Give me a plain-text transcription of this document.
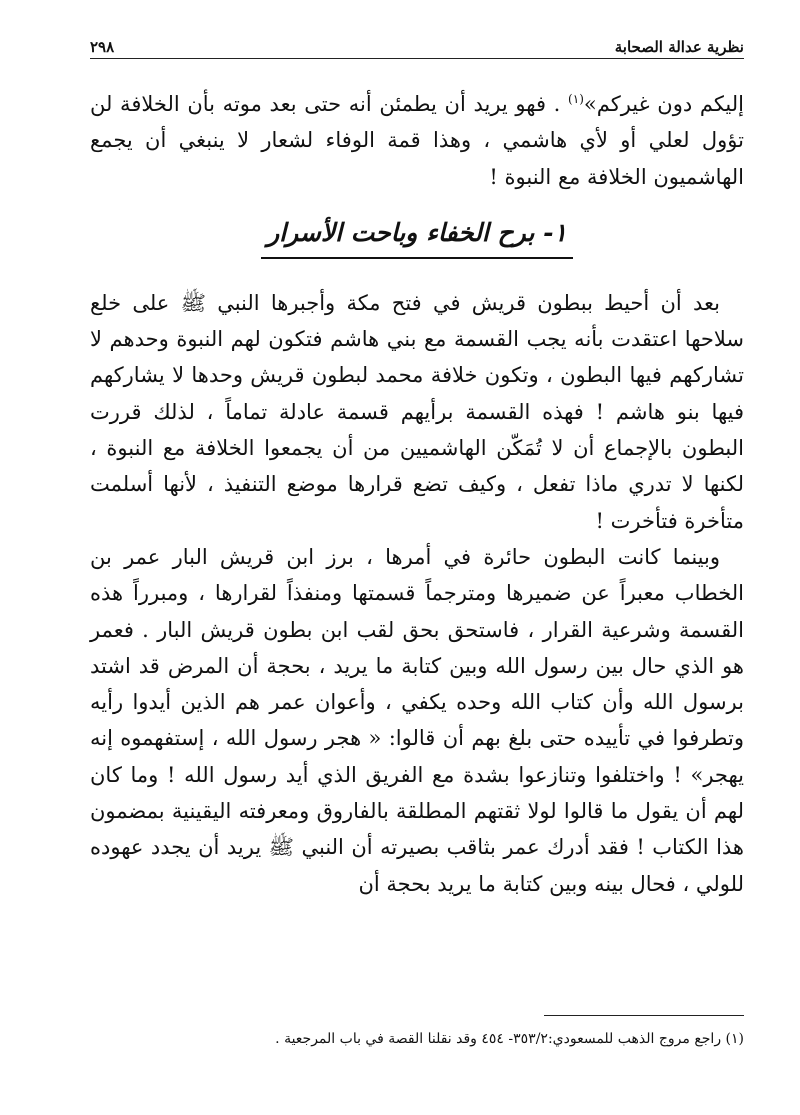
٢٩٨	نظرية عدالة الصحابة

إليكم دون غيركم»$^{(١)}$ . فهو يريد أن يطمئن أنه حتى بعد موته بأن الخلافة لن تؤول لعلي أو لأي هاشمي ، وهذا قمة الوفاء لشعار لا ينبغي أن يجمع الهاشميون الخلافة مع النبوة !

١- برح الخفاء وباحت الأسرار

بعد أن أحيط ببطون قريش في فتح مكة وأجبرها النبي ﷺ على خلع سلاحها اعتقدت بأنه يجب القسمة مع بني هاشم فتكون لهم النبوة وحدهم لا تشاركهم فيها البطون ، وتكون خلافة محمد لبطون قريش وحدها لا يشاركهم فيها بنو هاشم ! فهذه القسمة برأيهم قسمة عادلة تماماً ، لذلك قررت البطون بالإجماع أن لا تُمَكّن الهاشميين من أن يجمعوا الخلافة مع النبوة ، لكنها لا تدري ماذا تفعل ، وكيف تضع قرارها موضع التنفيذ ، لأنها أسلمت متأخرة فتأخرت !

وبينما كانت البطون حائرة في أمرها ، برز ابن قريش البار عمر بن الخطاب معبراً عن ضميرها ومترجماً قسمتها ومنفذاً لقرارها ، ومبرراً هذه القسمة وشرعية القرار ، فاستحق بحق لقب ابن بطون قريش البار . فعمر هو الذي حال بين رسول الله وبين كتابة ما يريد ، بحجة أن المرض قد اشتد برسول الله وأن كتاب الله وحده يكفي ، وأعوان عمر هم الذين أيدوا رأيه وتطرفوا في تأييده حتى بلغ بهم أن قالوا: « هجر رسول الله ، إستفهموه إنه يهجر» ! واختلفوا وتنازعوا بشدة مع الفريق الذي أيد رسول الله ! وما كان لهم أن يقول ما قالوا لولا ثقتهم المطلقة بالفاروق ومعرفته اليقينية بمضمون هذا الكتاب ! فقد أدرك عمر بثاقب بصيرته أن النبي ﷺ يريد أن يجدد عهوده للولي ، فحال بينه وبين كتابة ما يريد بحجة أن

(١) راجع مروج الذهب للمسعودي:٣٥٣/٢- ٤٥٤ وقد نقلنا القصة في باب المرجعية .
